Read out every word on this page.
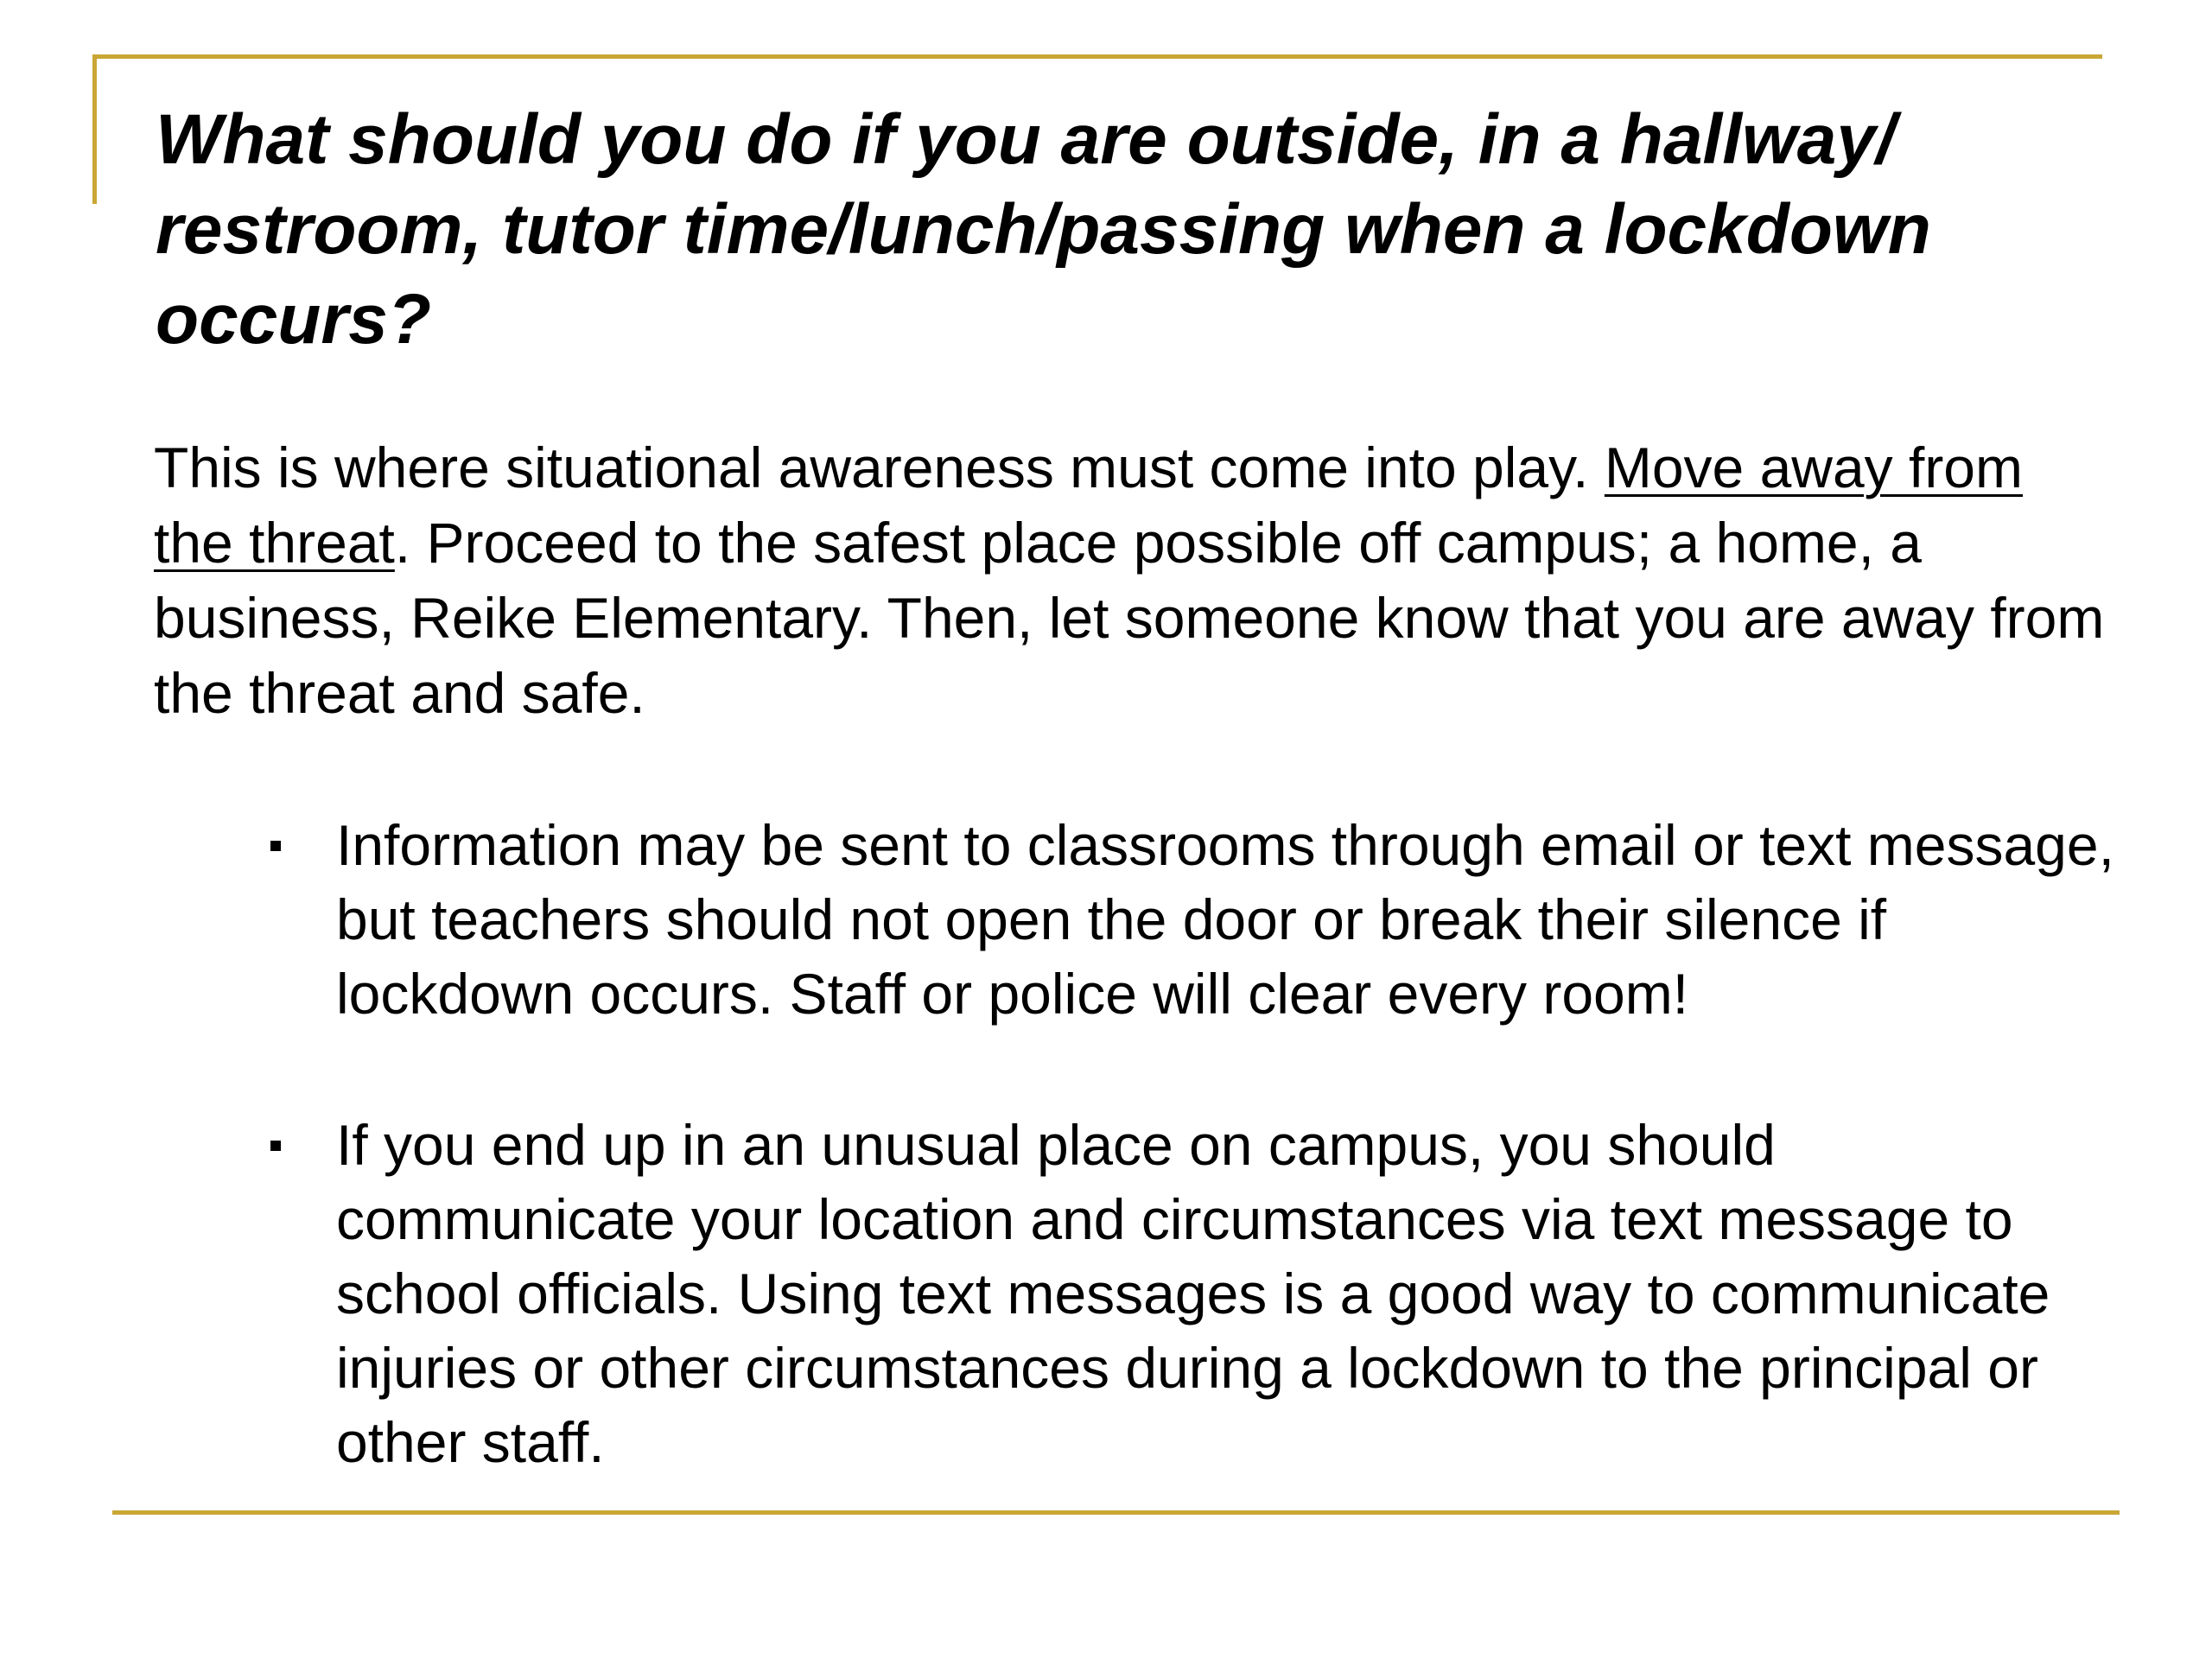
What should you do if you are outside, in a hallway/ restroom, tutor time/lunch/passing when a lockdown occurs?

This is where situational awareness must come into play. Move away from the threat. Proceed to the safest place possible off campus; a home, a business, Reike Elementary. Then, let someone know that you are away from the threat and safe.

Information may be sent to classrooms through email or text message, but teachers should not open the door or break their silence if lockdown occurs. Staff or police will clear every room!
If you end up in an unusual place on campus, you should communicate your location and circumstances via text message to school officials. Using text messages is a good way to communicate injuries or other circumstances during a lockdown to the principal or other staff.
